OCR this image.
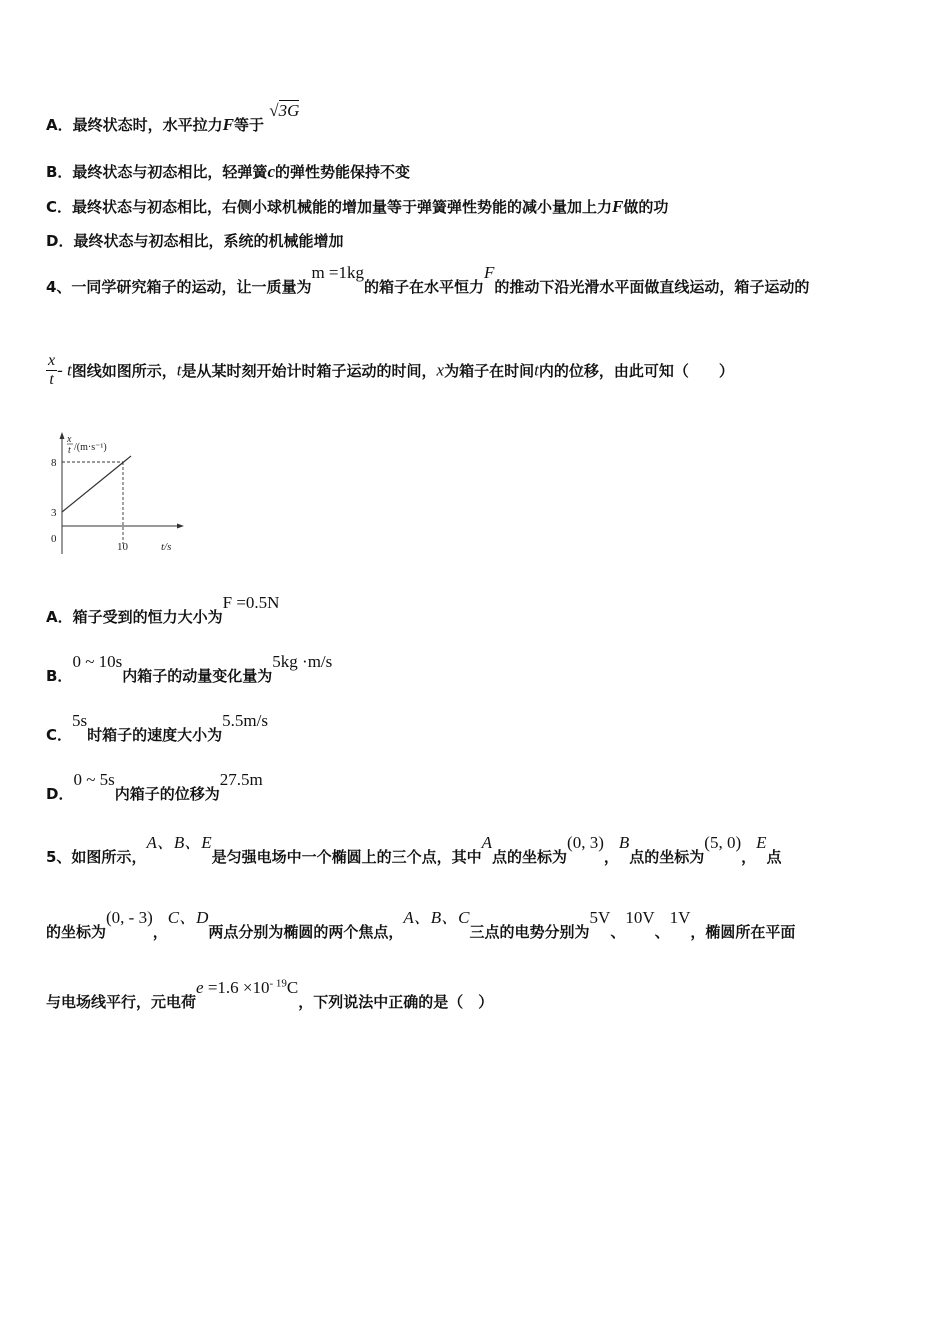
A．最终状态时，水平拉力F等于 √3G
B．最终状态与初态相比，轻弹簧c的弹性势能保持不变
C．最终状态与初态相比，右侧小球机械能的增加量等于弹簧弹性势能的减小量加上力F做的功
D．最终状态与初态相比，系统的机械能增加
4、一同学研究箱子的运动，让一质量为m =1kg的箱子在水平恒力F的推动下沿光滑水平面做直线运动，箱子运动的
$\frac{x}{t}$ - t图线如图所示，t是从某时刻开始计时箱子运动的时间，x为箱子在时间t内的位移，由此可知（　　）
x
t /(m·s⁻¹)
8
3
0
10	t/s
A．箱子受到的恒力大小为F =0.5N
B．0 ~ 10s内箱子的动量变化量为5kg ·m/s
C．5s时箱子的速度大小为5.5m/s
D．0 ~ 5s内箱子的位移为27.5m
5、如图所示，A、B、E是匀强电场中一个椭圆上的三个点，其中A点的坐标为(0, 3)，B点的坐标为(5, 0)，E点
的坐标为(0, - 3)，C、D两点分别为椭圆的两个焦点，A、B、C三点的电势分别为5V、10V、1V，椭圆所在平面
与电场线平行，元电荷$e =1.6 \times 10^{- 19}C$，下列说法中正确的是（　）
